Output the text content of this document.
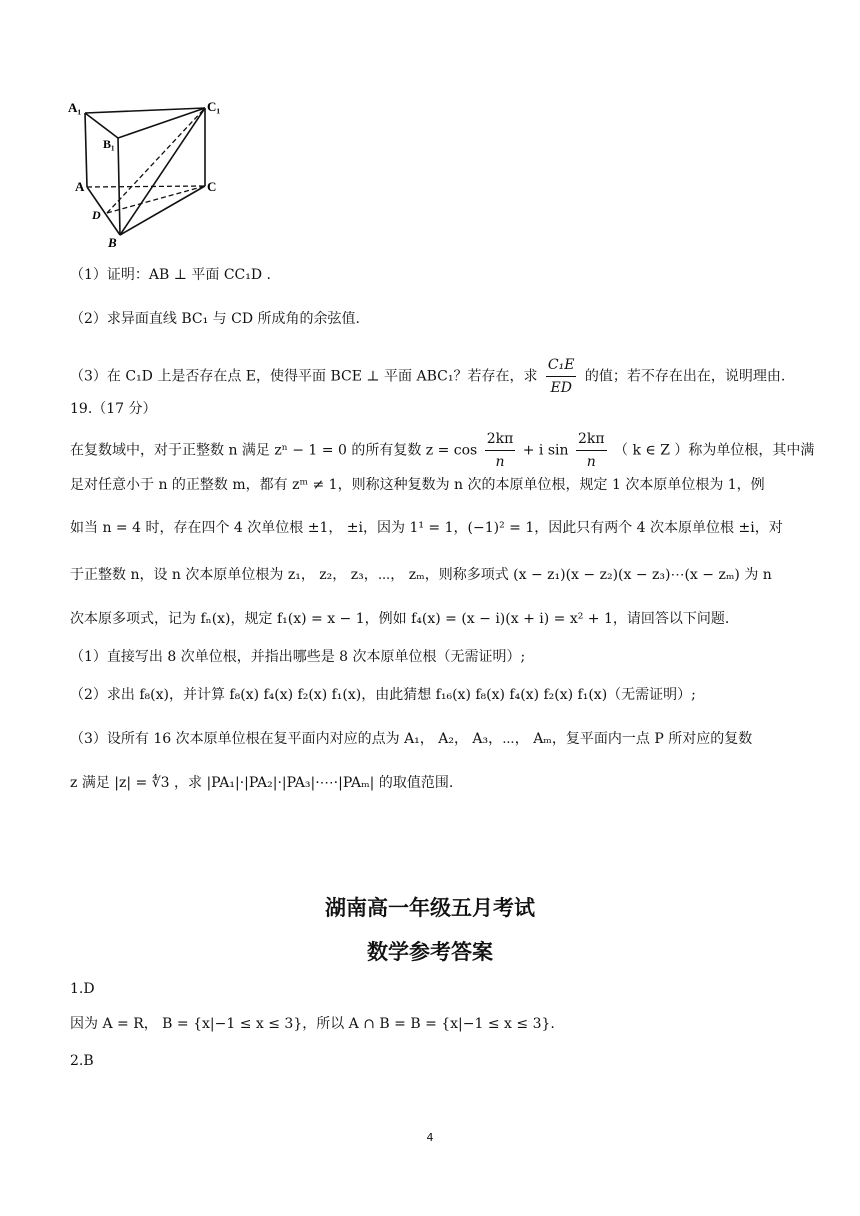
A₁	C₁
B₁
A	C
D
B
（1）证明：AB ⊥ 平面 CC₁D .
（2）求异面直线 BC₁ 与 CD 所成角的余弦值.
（3）在 C₁D 上是否存在点 E，使得平面 BCE ⊥ 平面 ABC₁？若存在，求 $\frac{\text{C₁E}}{ED}$ 的值；若不存在出在，说明理由.
19.（17 分）
在复数域中，对于正整数 n 满足 zⁿ − 1 = 0 的所有复数 $z = \cos \frac{2k\pi}{n} + i$ $\sin \frac{2k\pi}{n}$ （ k ∈ Z ）称为单位根，其中满
足对任意小于 n 的正整数 m，都有 zᵐ ≠ 1，则称这种复数为 n 次的本原单位根，规定 1 次本原单位根为 1，例
如当 n = 4 时，存在四个 4 次单位根 ±1， ±i，因为 1¹ = 1，(−1)² = 1，因此只有两个 4 次本原单位根 ±i，对
于正整数 n，设 n 次本原单位根为 z₁， z₂， z₃，⋯， zₘ，则称多项式 (x − z₁)(x − z₂)(x − z₃)⋯(x − zₘ) 为 n
次本原多项式，记为 fₙ(x)，规定 f₁(x) = x − 1，例如 f₄(x) = (x − i)(x + i) = x² + 1，请回答以下问题.
（1）直接写出 8 次单位根，并指出哪些是 8 次本原单位根（无需证明）;
（2）求出 f₈(x)，并计算 f₈(x) f₄(x) f₂(x) f₁(x)，由此猜想 f₁₆(x) f₈(x) f₄(x) f₂(x) f₁(x)（无需证明）;
（3）设所有 16 次本原单位根在复平面内对应的点为 A₁， A₂， A₃，⋯， Aₘ，复平面内一点 P 所对应的复数
z 满足 |z| = ∜3 ，求 |PA₁|·|PA₂|·|PA₃|·⋯·|PAₘ| 的取值范围.
湖南高一年级五月考试
数学参考答案
1.D
因为 A = R， B = {x|−1 ≤ x ≤ 3}，所以 A ∩ B = B = {x|−1 ≤ x ≤ 3}.
2.B
4
